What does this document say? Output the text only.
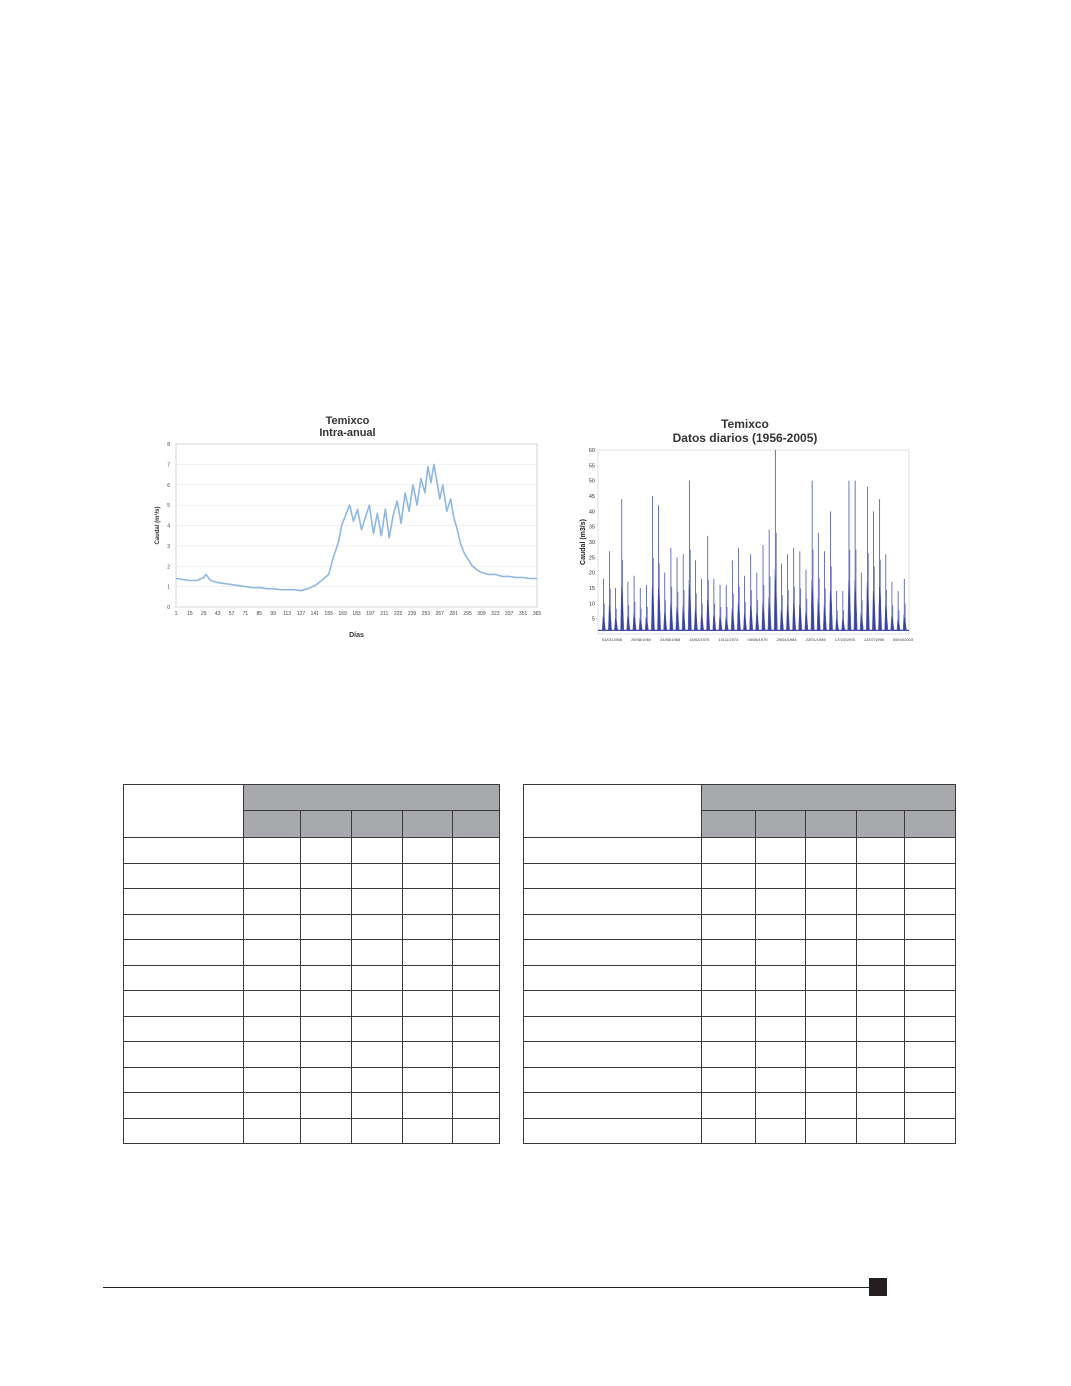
Temixco
Intra-anual
0
1
2
3
4
5
6
7
8
1 15 29 43 57 71 85 99 113 127 141 155 169 183 197 211 225 239 253 267 281 295 309 323 337 351 365
Días
Caudal (m³/s)
Temixco
Datos diarios (1956-2005)
5
10
15
20
25
30
35
40
45
50
55
60
01/01/1956 29/08/1960 24/05/1965 15/02/1970 10/11/1974 05/08/1979 29/04/1984 22/01/1989 17/10/1993 12/07/1998 05/04/2003
Caudal (m3/s)
